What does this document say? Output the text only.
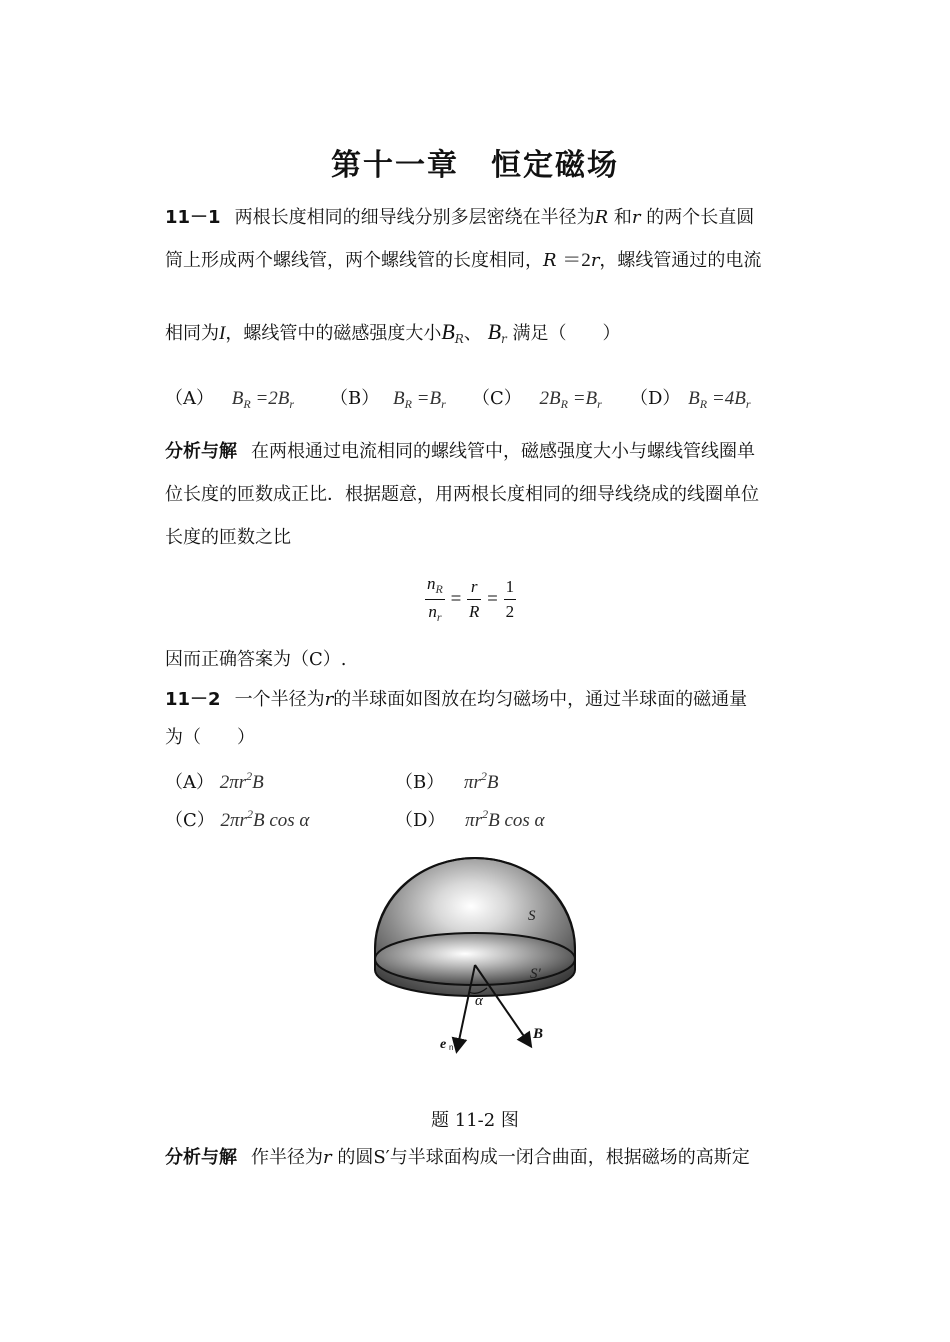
第十一章　恒定磁场
11－1 两根长度相同的细导线分别多层密绕在半径为R 和r 的两个长直圆
筒上形成两个螺线管，两个螺线管的长度相同，R ＝2r，螺线管通过的电流
相同为I，螺线管中的磁感强度大小$B_R$、 $B_r$ 满足（　　）
（A） $B_R =2B_r$ （B） $B_R =B_r$ （C） $2B_R =B_r$ （D） $B_R =4B_r$
分析与解 在两根通过电流相同的螺线管中，磁感强度大小与螺线管线圈单
位长度的匝数成正比．根据题意，用两根长度相同的细导线绕成的线圈单位
长度的匝数之比
$\frac{n_R}{n_r} = \frac{r}{R} = \frac{1}{2}$
因而正确答案为（C）.
11－2 一个半径为r的半球面如图放在均匀磁场中，通过半球面的磁通量
为（　　）
（A） $2\pi r^2B$	（B） $\pi r^2B$
（C） $2\pi r^2B$ cos α	（D） $\pi r^2B$ cos α
S
S′
α
e n
B
题 11-2 图
分析与解 作半径为r 的圆S′与半球面构成一闭合曲面，根据磁场的高斯定
